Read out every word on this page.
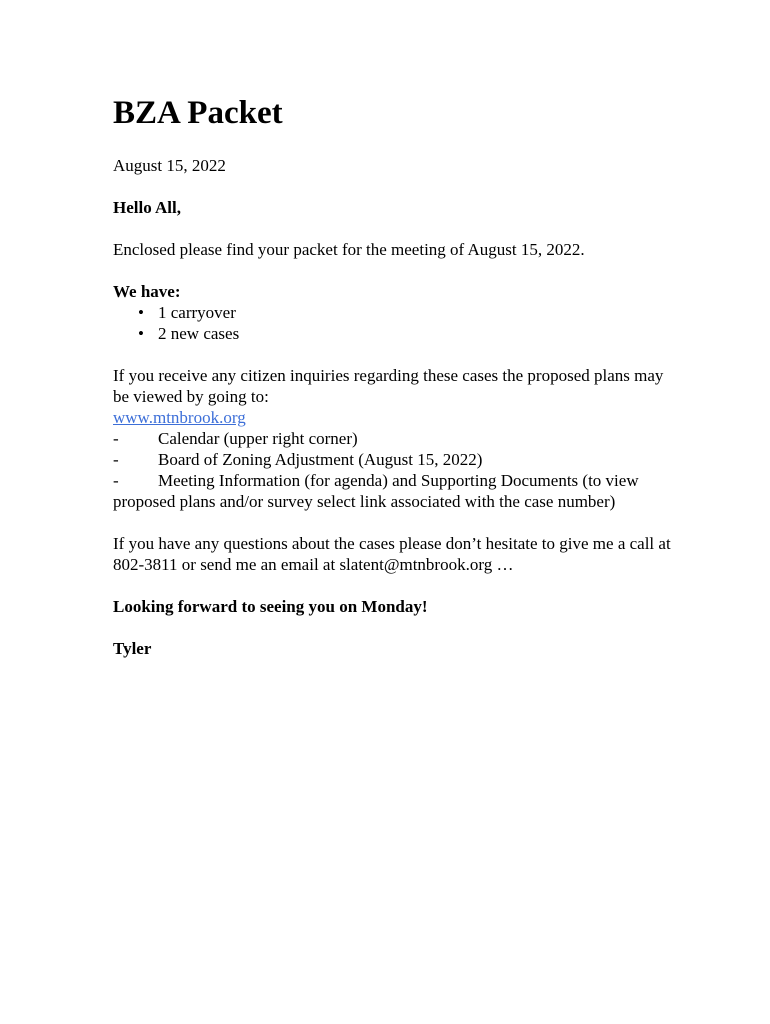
BZA Packet

August 15, 2022

Hello All,

Enclosed please find your packet for the meeting of August 15, 2022.

We have:

• 1 carryover
• 2 new cases

If you receive any citizen inquiries regarding these cases the proposed plans may be viewed by going to:

www.mtnbrook.org
- Calendar (upper right corner)
- Board of Zoning Adjustment (August 15, 2022)
- Meeting Information (for agenda) and Supporting Documents (to view proposed plans and/or survey select link associated with the case number)

If you have any questions about the cases please don’t hesitate to give me a call at 802-3811 or send me an email at slatent@mtnbrook.org …

Looking forward to seeing you on Monday!

Tyler
